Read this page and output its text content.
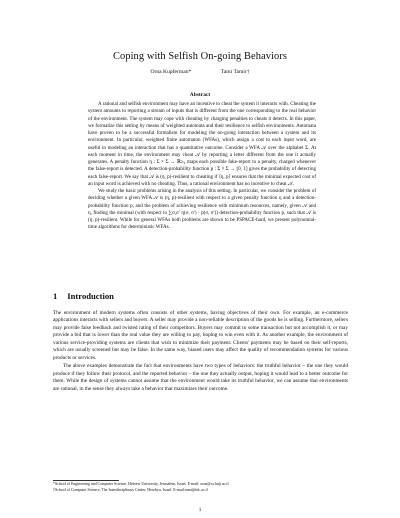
Coping with Selfish On-going Behaviors
Orna Kupferman*	Tami Tamir†
Abstract

A rational and selfish environment may have an incentive to cheat the system it interacts with. Cheating the system amounts to reporting a stream of inputs that is different from the one corresponding to the real behavior of the environment. The system may cope with cheating by charging penalties to cheats it detects. In this paper, we formalize this setting by means of weighted automata and their resilience to selfish environments. Automata have proven to be a successful formalism for modeling the on-going interaction between a system and its environment. In particular, weighted finite automaton (WFAs), which assign a cost to each input word, are useful in modeling an interaction that has a quantitative outcome. Consider a WFA 𝒜 over the alphabet Σ. At each moment in time, the environment may cheat 𝒜 by reporting a letter different from the one it actually generates. A penalty function η : Σ × Σ → ℝ≥₀ maps each possible fake-report to a penalty, charged whenever the false-report is detected. A detection-probability function p : Σ × Σ → [0, 1] gives the probability of detecting each false-report. We say that 𝒜 is (η, p)-resilient to cheating if ⟨η, p⟩ ensures that the minimal expected cost of an input word is achieved with no cheating. Thus, a rational environment has no incentive to cheat 𝒜.

We study the basic problems arising in the analysis of this setting. In particular, we consider the problem of deciding whether a given WFA 𝒜 is (η, p)-resilient with respect to a given penalty function η and a detection-probability function p, and the problem of achieving resilience with minimum resources, namely, given 𝒜 and η, finding the minimal (with respect to ∑σ,σ′ η(σ, σ′) · p(σ, σ′)) detection-probability function p, such that 𝒜 is (η, p)-resilient. While for general WFAs both problems are shown to be PSPACE-hard, we present polynomial-time algorithms for deterministic WFAs.

1 Introduction

The environment of modern systems often consists of other systems, having objectives of their own. For example, an e-commerce applications interacts with sellers and buyers. A seller may provide a non-reliable description of the goods he is selling. Furthermore, sellers may provide false feedback and twisted rating of their competitors. Buyers may commit to some transaction but not accomplish it, or may provide a bid that is lower than the real value they are willing to pay, hoping to win even with it. As another example, the environment of various service-providing systems are clients that wish to minimize their payment. Clients' payments may be based on their self-reports, which are usually screened but may be false. In the same way, biased users may affect the quality of recommendation systems for various products or services.

The above examples demonstrate the fact that environments have two types of behaviors: the truthful behavior – the one they would produce if they follow their protocol, and the reported behavior – the one they actually output, hoping it would lead to a better outcome for them. While the design of systems cannot assume that the environment would take its truthful behavior, we can assume that environments are rational, in the sense they always take a behavior that maximizes their outcome.

*School of Engineering and Computer Science, Hebrew University, Jerusalem, Israel. E-mail: orna@cs.huji.ac.il
†School of Computer Science, The Interdisciplinary Center, Herzliya, Israel. E-mail:tami@idc.ac.il
1
